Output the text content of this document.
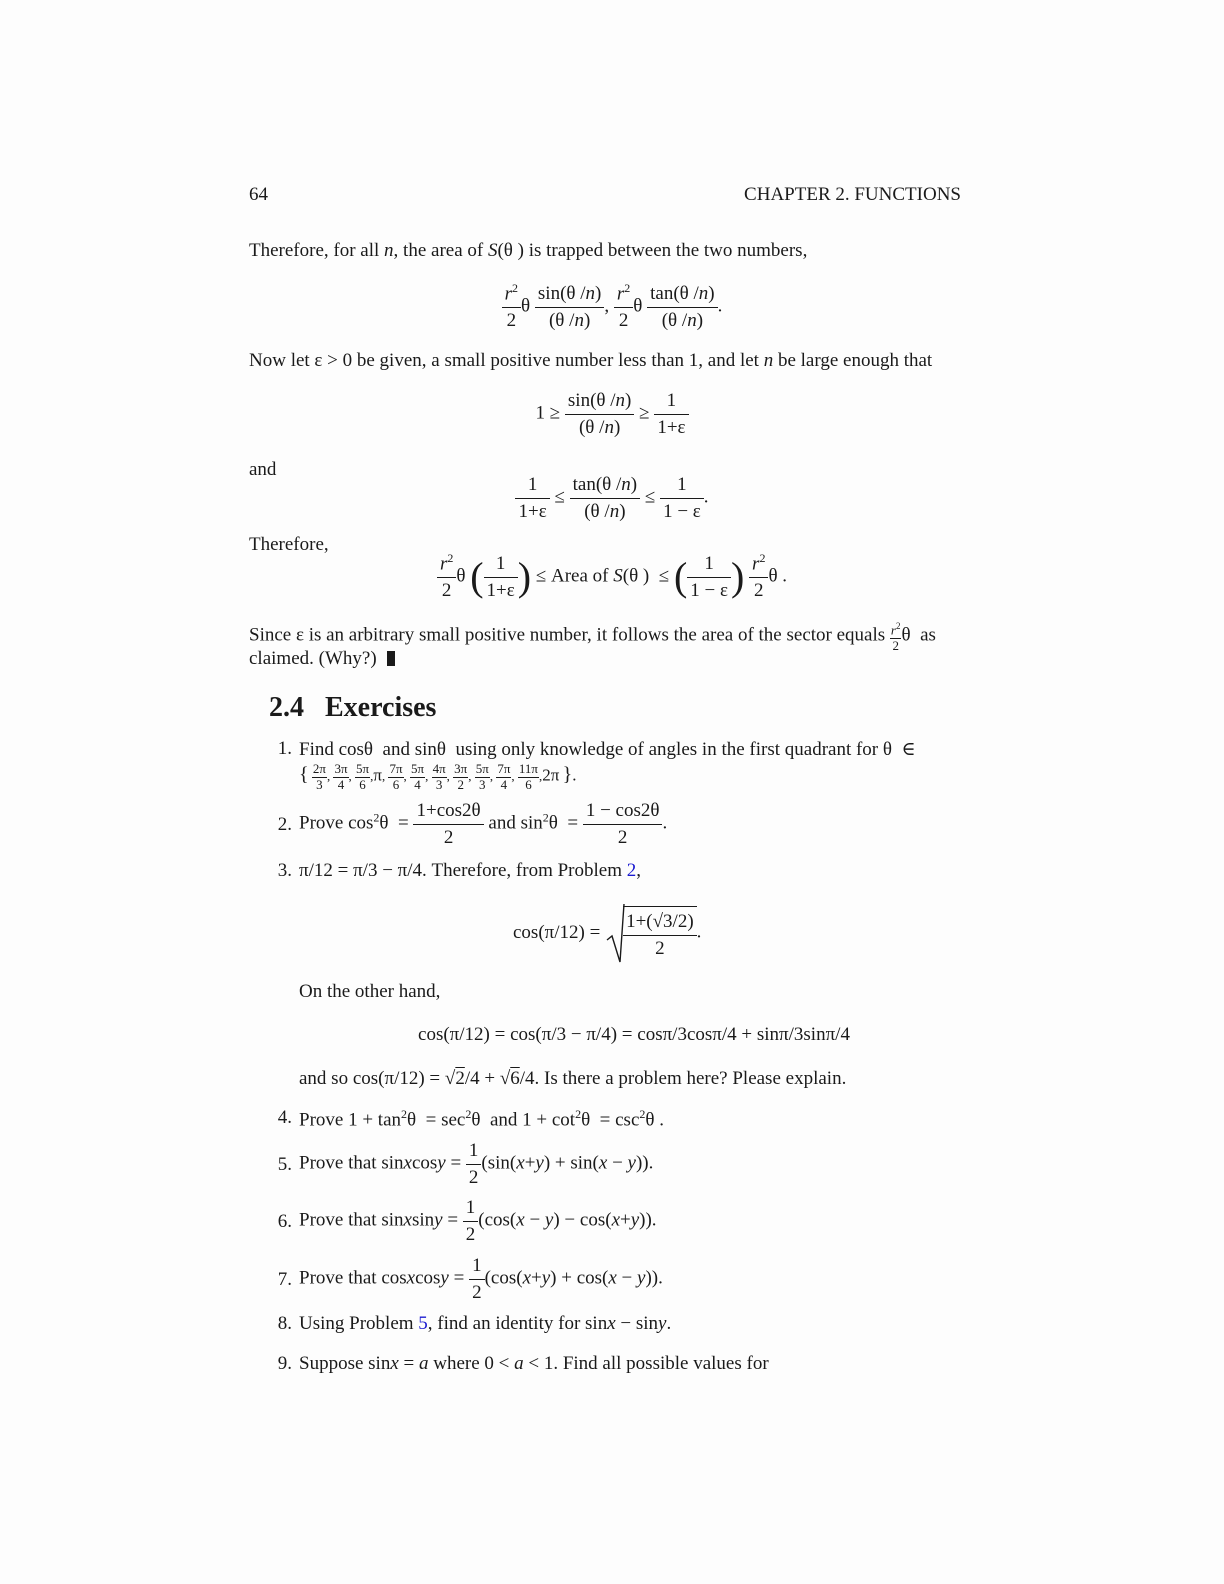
64	CHAPTER 2. FUNCTIONS
Therefore, for all n, the area of S(θ ) is trapped between the two numbers,
$\frac{r^2}{2}$ θ $\frac{\sin(\theta /n)}{(\theta /n)}$ , $\frac{r^2}{2}$ θ $\frac{\tan(\theta /n)}{(\theta /n)}$ .
Now let ε > 0 be given, a small positive number less than 1, and let n be large enough that
$1 \ge \frac{\sin(\theta /n)}{(\theta /n)} \ge \frac{1}{1+\varepsilon}$
and
$\frac{1}{1+\varepsilon} \le \frac{\tan(\theta /n)}{(\theta /n)} \le \frac{1}{1 - \varepsilon}$ .
Therefore,
$\frac{r^2}{2}$ θ ( $\frac{1}{1+\varepsilon}$ ) ≤ Area of S(θ )  ≤ ( $\frac{1}{1 - \varepsilon}$ ) $\frac{r^2}{2}$ θ .
Since ε is an arbitrary small positive number, it follows the area of the sector equals $\frac{r^2}{2}$ θ  as
claimed. (Why?)
2.4 Exercises
1. Find cosθ  and sinθ  using only knowledge of angles in the first quadrant for θ  ∈
{ $\frac{2\pi}{3}$ , $\frac{3\pi}{4}$ , $\frac{5\pi}{6} ,\pi$, $\frac{7\pi}{6}$ , $\frac{5\pi}{4}$ , $\frac{4\pi}{3}$ , $\frac{3\pi}{2}$ , $\frac{5\pi}{3}$ , $\frac{7\pi}{4}$ , $\frac{11\pi}{6} ,2\pi$ }.
2. Prove $\cos^2\theta = \frac{1+\cos 2\theta}{2}$ and $\sin^2\theta = \frac{1 - \cos 2\theta}{2}$ .
3. π/12 = π/3 − π/4. Therefore, from Problem 2,
$\cos(\pi/12) = \frac{1+(√3/2)}{2}$ .
On the other hand,
cos(π/12) = cos(π/3 − π/4) = cosπ/3cosπ/4 + sinπ/3sinπ/4
and so cos(π/12) = √2/4 + √6/4. Is there a problem here? Please explain.
4. Prove $1 + \tan^2\theta = \sec^2\theta$  and $1 + \cot^2\theta = \csc^2\theta$ .
5. Prove that sinxcosy = $\frac{1}{2} (\sin(x+y) + \sin(x - y))$.
6. Prove that sinxsiny = $\frac{1}{2} (\cos(x - y) - \cos(x+y))$.
7. Prove that cosxcosy = $\frac{1}{2} (\cos(x+y) + \cos(x - y))$.
8. Using Problem 5, find an identity for sinx − siny.
9. Suppose sinx = a where 0 < a < 1. Find all possible values for
